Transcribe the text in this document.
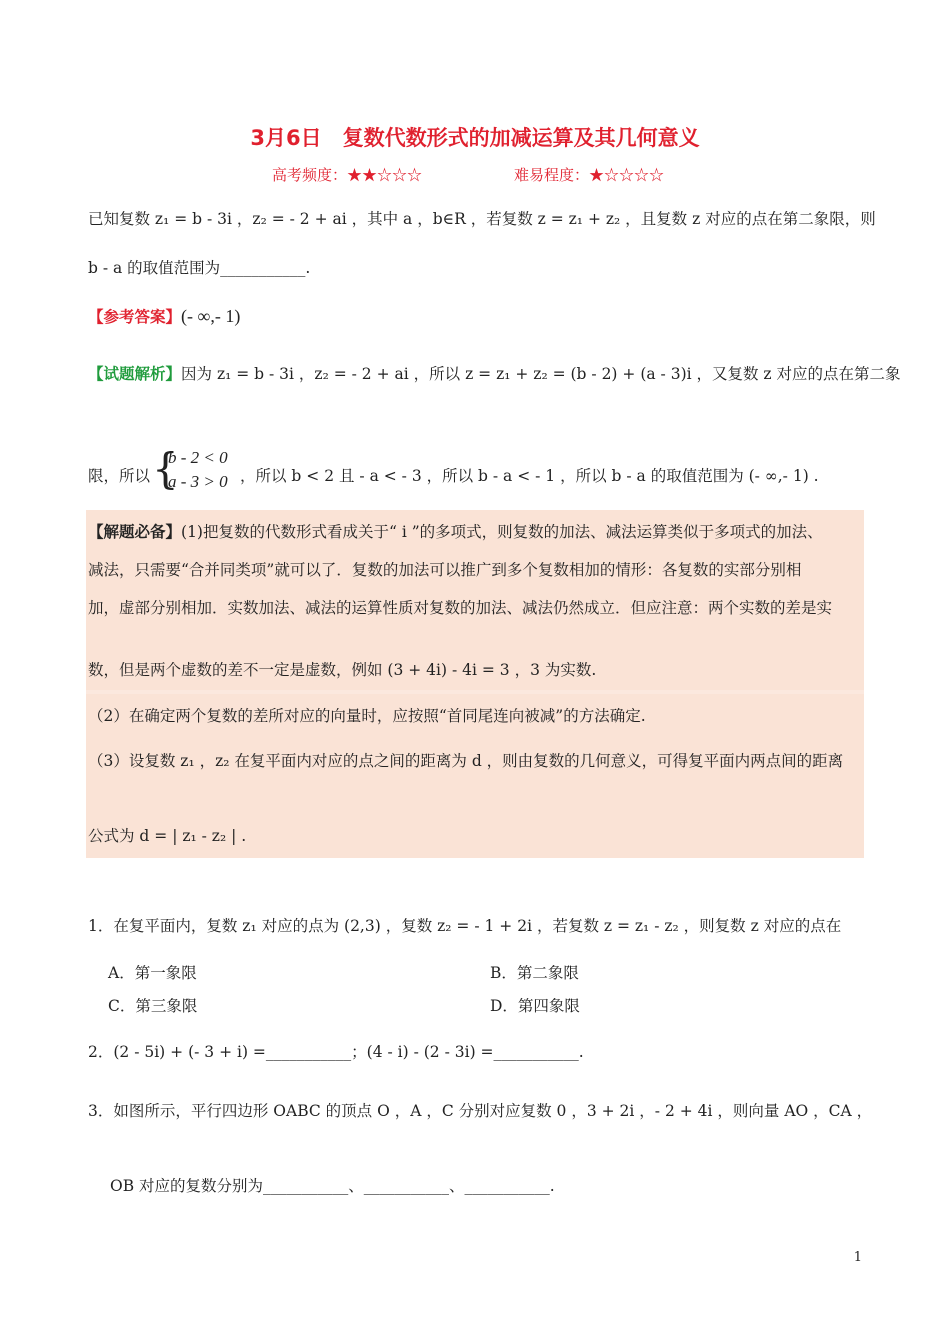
3月6日　复数代数形式的加减运算及其几何意义
高考频度：★★☆☆☆	难易程度：★☆☆☆☆
已知复数 z₁ = b - 3i ，z₂ = - 2 + ai ，其中 a ，b∈R ，若复数 z = z₁ + z₂ ，且复数 z 对应的点在第二象限，则
b - a 的取值范围为___________.
【参考答案】(- ∞,- 1)
【试题解析】因为 z₁ = b - 3i ，z₂ = - 2 + ai ，所以 z = z₁ + z₂ = (b - 2) + (a - 3)i ，又复数 z 对应的点在第二象
限，所以 {
b - 2 < 0
a - 3 > 0 ，所以 b < 2 且 - a < - 3 ，所以 b - a < - 1 ，所以 b - a 的取值范围为 (- ∞,- 1) .
【解题必备】(1)把复数的代数形式看成关于“ i ”的多项式，则复数的加法、减法运算类似于多项式的加法、
减法，只需要“合并同类项”就可以了．复数的加法可以推广到多个复数相加的情形：各复数的实部分别相
加，虚部分别相加．实数加法、减法的运算性质对复数的加法、减法仍然成立．但应注意：两个实数的差是实
数，但是两个虚数的差不一定是虚数，例如 (3 + 4i) - 4i = 3 ，3 为实数.
（2）在确定两个复数的差所对应的向量时，应按照“首同尾连向被减”的方法确定.
（3）设复数 z₁ ，z₂ 在复平面内对应的点之间的距离为 d ，则由复数的几何意义，可得复平面内两点间的距离
公式为 d = | z₁ - z₂ | .
1．在复平面内，复数 z₁ 对应的点为 (2,3) ，复数 z₂ = - 1 + 2i ，若复数 z = z₁ - z₂ ，则复数 z 对应的点在
A．第一象限	B．第二象限
C．第三象限	D．第四象限
2．(2 - 5i) + (- 3 + i) =___________；(4 - i) - (2 - 3i) =___________.
3．如图所示，平行四边形 OABC 的顶点 O ，A ，C 分别对应复数 0 ，3 + 2i ，- 2 + 4i ，则向量 AO ，CA ，
OB 对应的复数分别为___________、___________、___________.
1
